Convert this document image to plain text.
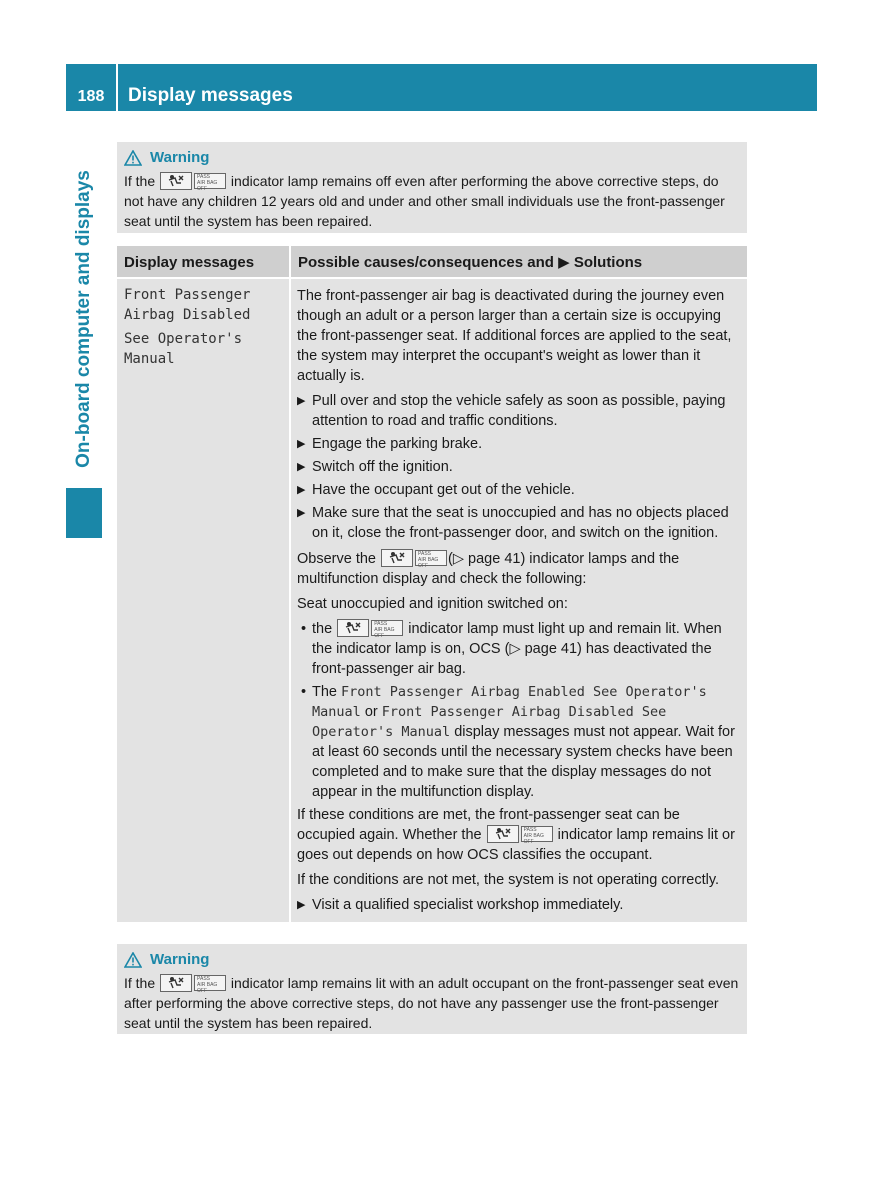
188	Display messages
On-board computer and displays
Warning
If the	PASS
AIR BAG OFF indicator lamp remains off even after performing the above corrective steps, do not have any children 12 years old and under and other small individuals use the front-passenger seat until the system has been repaired.
Display messages	Possible causes/consequences and ▶ Solutions
Front Passenger
Airbag Disabled
See Operator's
Manual

The front-passenger air bag is deactivated during the journey even though an adult or a person larger than a certain size is occupying the front-passenger seat. If additional forces are applied to the seat, the system may interpret the occupant's weight as lower than it actually is.

▶ Pull over and stop the vehicle safely as soon as possible, paying attention to road and traffic conditions.
▶ Engage the parking brake.
▶ Switch off the ignition.
▶ Have the occupant get out of the vehicle.
▶ Make sure that the seat is unoccupied and has no objects placed on it, close the front-passenger door, and switch on the ignition.

Observe the	PASS
AIR BAG OFF (▷ page 41) indicator lamps and the multifunction display and check the following:

Seat unoccupied and ignition switched on:

• the	PASS
AIR BAG OFF indicator lamp must light up and remain lit. When the indicator lamp is on, OCS (▷ page 41) has deactivated the front-passenger air bag.
• The Front Passenger Airbag Enabled See Operator's Manual or Front Passenger Airbag Disabled See Operator's Manual display messages must not appear. Wait for at least 60 seconds until the necessary system checks have been completed and to make sure that the display messages do not appear in the multifunction display.

If these conditions are met, the front-passenger seat can be occupied again. Whether the	PASS
AIR BAG OFF indicator lamp remains lit or goes out depends on how OCS classifies the occupant.

If the conditions are not met, the system is not operating correctly.

▶ Visit a qualified specialist workshop immediately.
Warning
If the	PASS
AIR BAG OFF indicator lamp remains lit with an adult occupant on the front-passenger seat even after performing the above corrective steps, do not have any passenger use the front-passenger seat until the system has been repaired.
